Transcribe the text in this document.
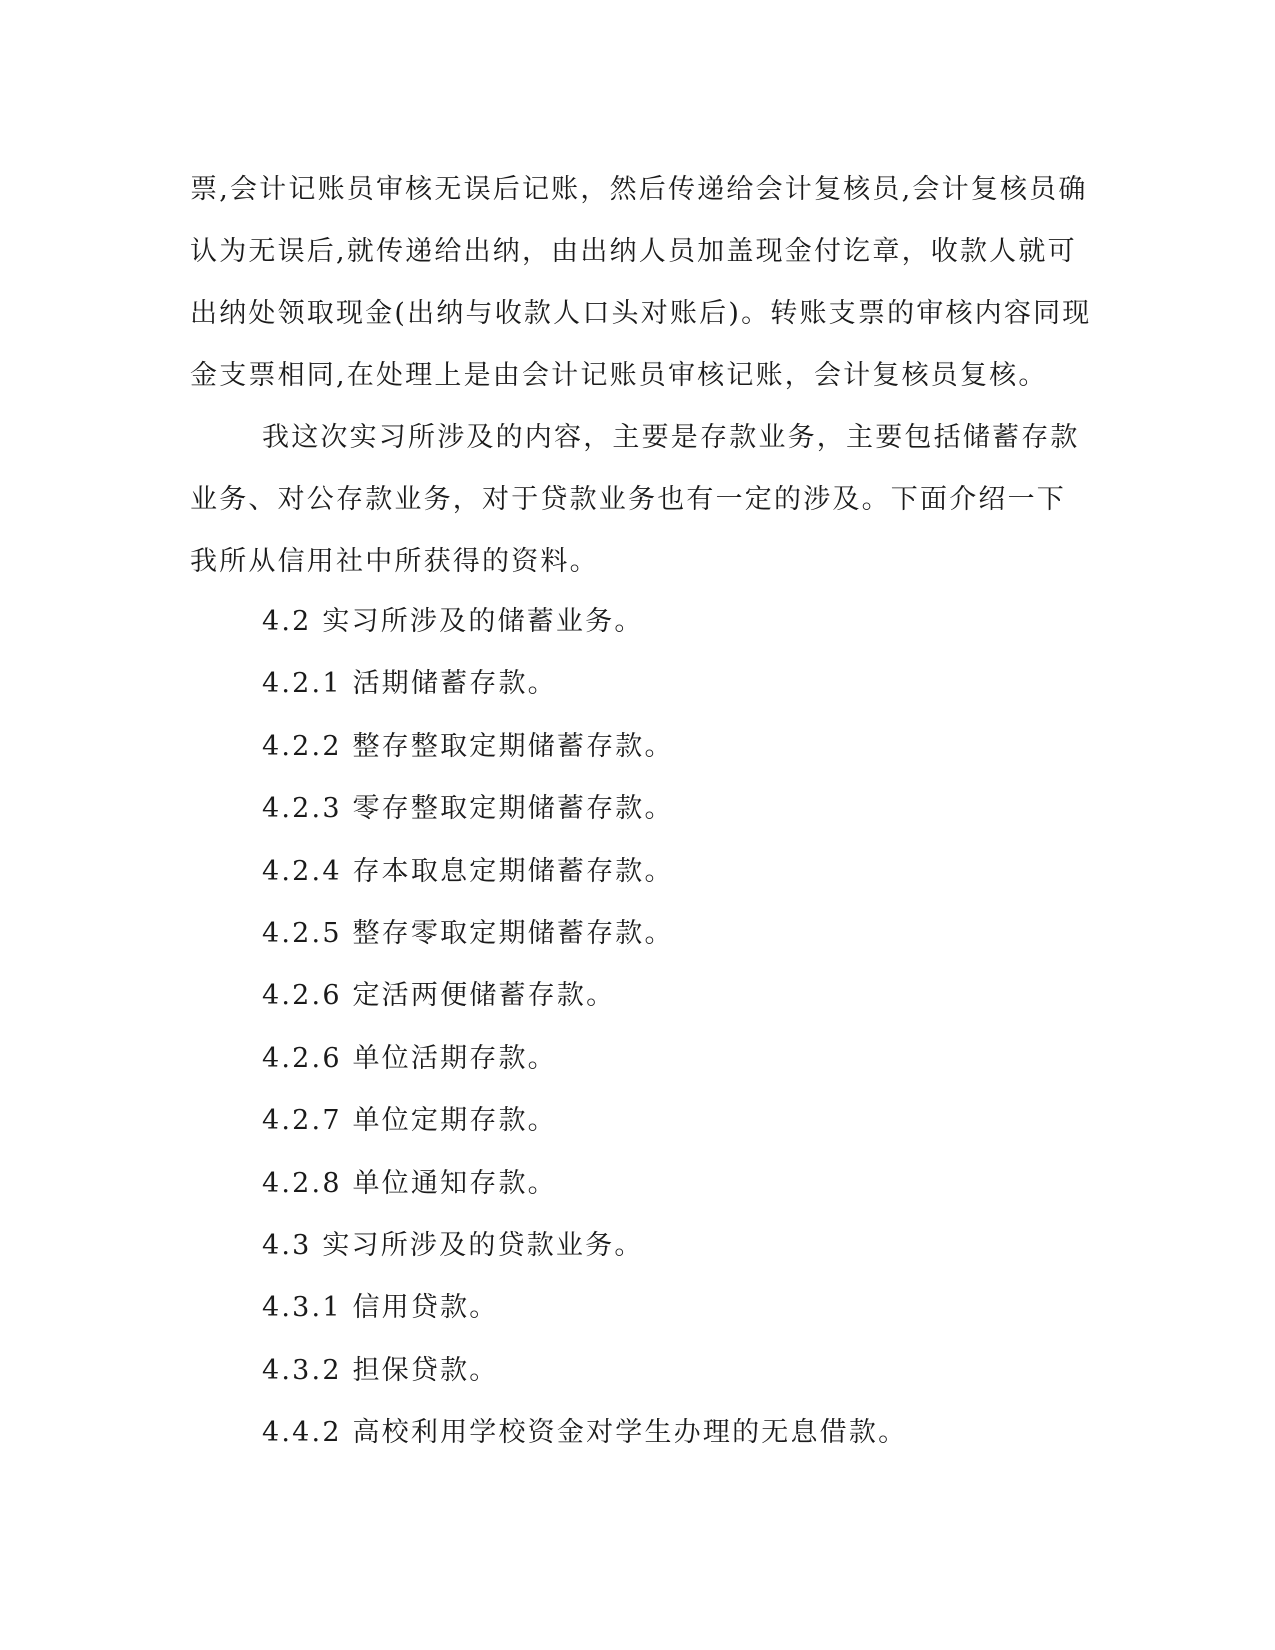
票,会计记账员审核无误后记账，然后传递给会计复核员,会计复核员确
认为无误后,就传递给出纳，由出纳人员加盖现金付讫章，收款人就可
出纳处领取现金(出纳与收款人口头对账后)。转账支票的审核内容同现
金支票相同,在处理上是由会计记账员审核记账，会计复核员复核。
我这次实习所涉及的内容，主要是存款业务，主要包括储蓄存款
业务、对公存款业务，对于贷款业务也有一定的涉及。下面介绍一下
我所从信用社中所获得的资料。
4.2 实习所涉及的储蓄业务。
4.2.1 活期储蓄存款。
4.2.2 整存整取定期储蓄存款。
4.2.3 零存整取定期储蓄存款。
4.2.4 存本取息定期储蓄存款。
4.2.5 整存零取定期储蓄存款。
4.2.6 定活两便储蓄存款。
4.2.6 单位活期存款。
4.2.7 单位定期存款。
4.2.8 单位通知存款。
4.3 实习所涉及的贷款业务。
4.3.1 信用贷款。
4.3.2 担保贷款。
4.4.2 高校利用学校资金对学生办理的无息借款。
